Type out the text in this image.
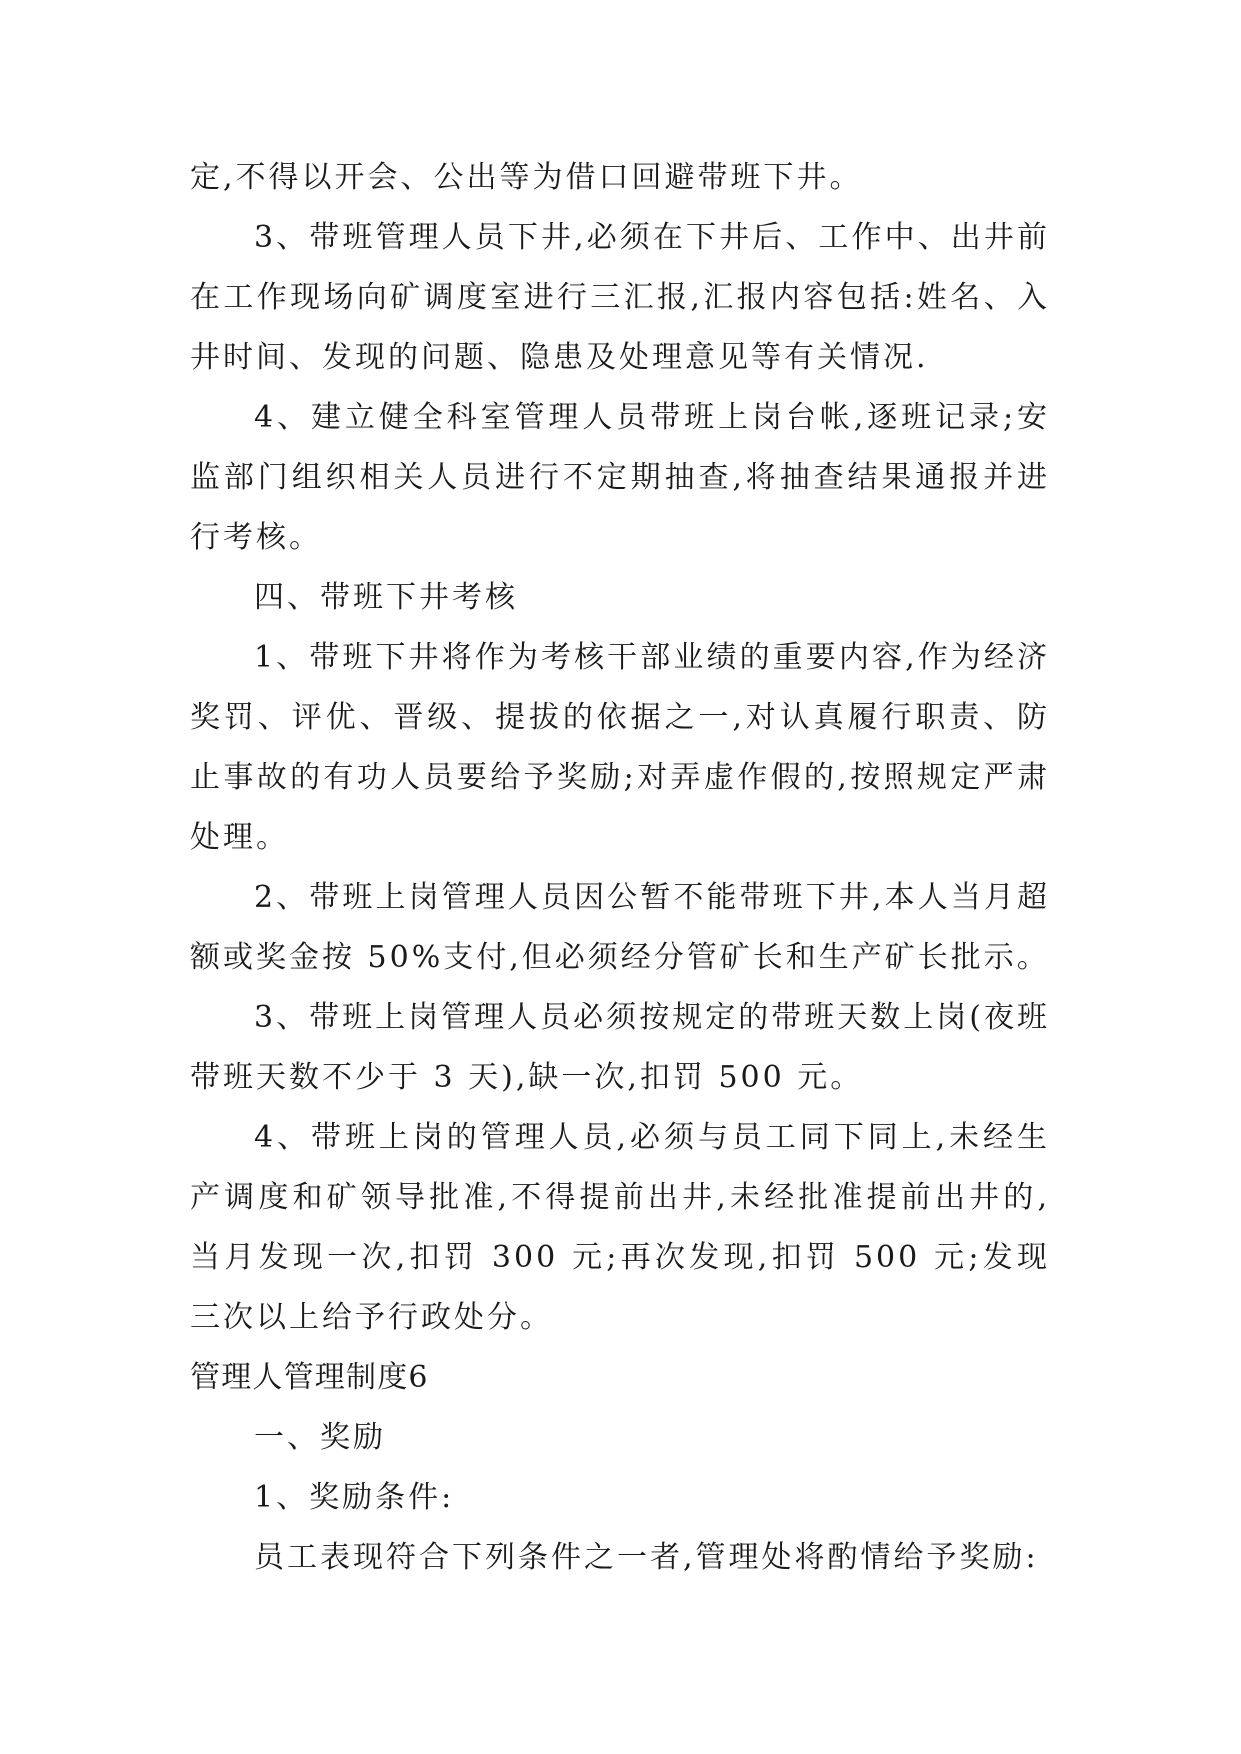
定,不得以开会、公出等为借口回避带班下井。

3、带班管理人员下井,必须在下井后、工作中、出井前在工作现场向矿调度室进行三汇报,汇报内容包括:姓名、入井时间、发现的问题、隐患及处理意见等有关情况.

4、建立健全科室管理人员带班上岗台帐,逐班记录;安监部门组织相关人员进行不定期抽查,将抽查结果通报并进行考核。

四、带班下井考核

1、带班下井将作为考核干部业绩的重要内容,作为经济奖罚、评优、晋级、提拔的依据之一,对认真履行职责、防止事故的有功人员要给予奖励;对弄虚作假的,按照规定严肃处理。

2、带班上岗管理人员因公暂不能带班下井,本人当月超额或奖金按 50%支付,但必须经分管矿长和生产矿长批示。

3、带班上岗管理人员必须按规定的带班天数上岗(夜班带班天数不少于 3 天),缺一次,扣罚 500 元。

4、带班上岗的管理人员,必须与员工同下同上,未经生产调度和矿领导批准,不得提前出井,未经批准提前出井的,当月发现一次,扣罚 300 元;再次发现,扣罚 500 元;发现三次以上给予行政处分。

管理人管理制度6

一、奖励

1、奖励条件:

员工表现符合下列条件之一者,管理处将酌情给予奖励:
